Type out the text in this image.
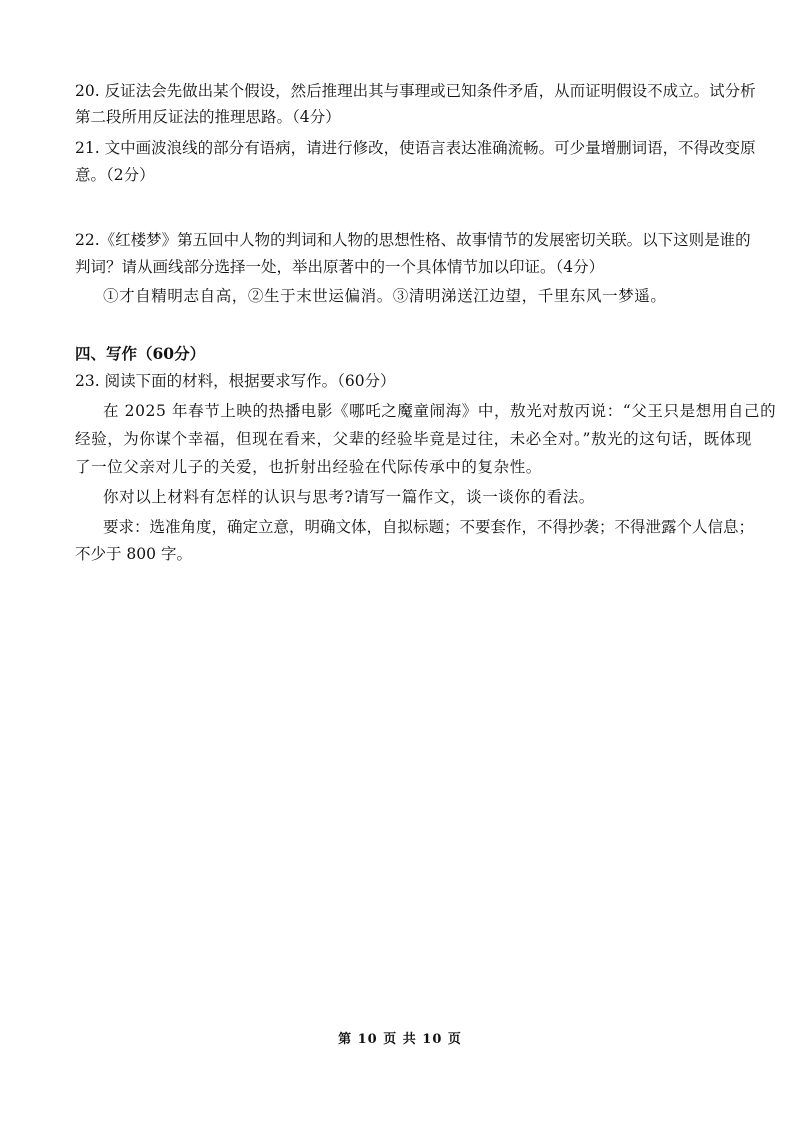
20. 反证法会先做出某个假设，然后推理出其与事理或已知条件矛盾，从而证明假设不成立。试分析
第二段所用反证法的推理思路。（4分）
21. 文中画波浪线的部分有语病，请进行修改，使语言表达准确流畅。可少量增删词语，不得改变原
意。（2分）
22.《红楼梦》第五回中人物的判词和人物的思想性格、故事情节的发展密切关联。以下这则是谁的
判词？请从画线部分选择一处，举出原著中的一个具体情节加以印证。（4分）
①才自精明志自高，②生于末世运偏消。③清明涕送江边望，千里东风一梦遥。
四、写作（60分）
23. 阅读下面的材料，根据要求写作。（60分）
在 2025 年春节上映的热播电影《哪吒之魔童闹海》中，敖光对敖丙说：“父王只是想用自己的
经验，为你谋个幸福，但现在看来，父辈的经验毕竟是过往，未必全对。”敖光的这句话，既体现
了一位父亲对儿子的关爱，也折射出经验在代际传承中的复杂性。
你对以上材料有怎样的认识与思考?请写一篇作文，谈一谈你的看法。
要求：选准角度，确定立意，明确文体，自拟标题；不要套作，不得抄袭；不得泄露个人信息；
不少于 800 字。
第 10 页 共 10 页
